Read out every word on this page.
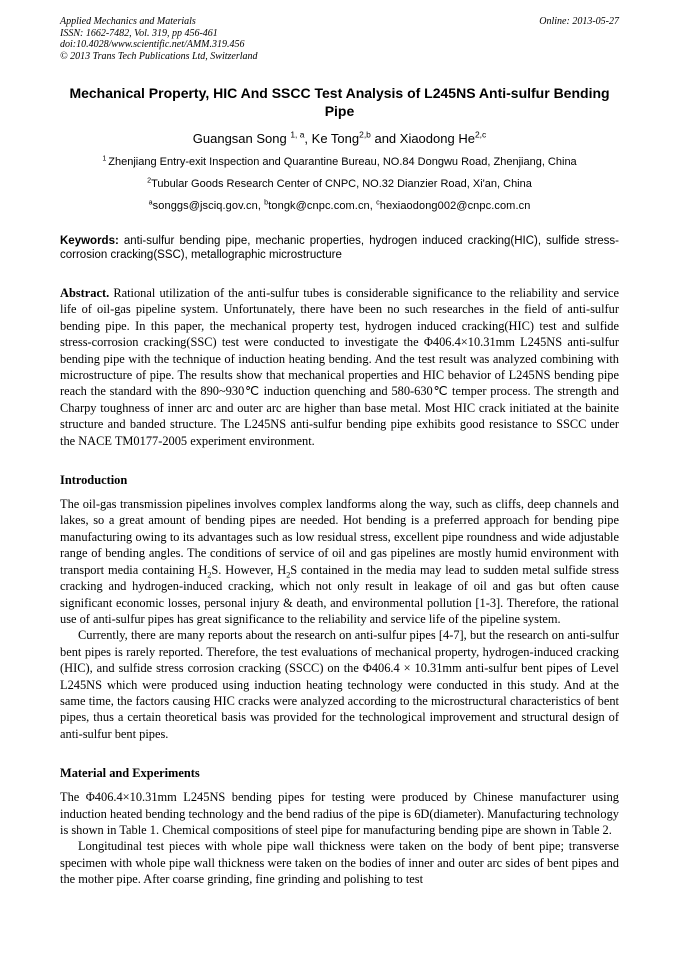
Applied Mechanics and Materials
ISSN: 1662-7482, Vol. 319, pp 456-461
doi:10.4028/www.scientific.net/AMM.319.456
© 2013 Trans Tech Publications Ltd, Switzerland
Online: 2013-05-27
Mechanical Property, HIC And SSCC Test Analysis of L245NS Anti-sulfur Bending Pipe

Guangsan Song $^{1, a}$, Ke Tong$^{2,b}$ and Xiaodong He$^{2,c}$

$^1$ Zhenjiang Entry-exit Inspection and Quarantine Bureau, NO.84 Dongwu Road, Zhenjiang, China

$^2$Tubular Goods Research Center of CNPC, NO.32 Dianzier Road, Xi'an, China

$^a$songgs@jsciq.gov.cn, $^b$tongk@cnpc.com.cn, $^c$hexiaodong002@cnpc.com.cn

Keywords: anti-sulfur bending pipe, mechanic properties, hydrogen induced cracking(HIC), sulfide stress-corrosion cracking(SSC), metallographic microstructure

Abstract. Rational utilization of the anti-sulfur tubes is considerable significance to the reliability and service life of oil-gas pipeline system. Unfortunately, there have been no such researches in the field of anti-sulfur bending pipe. In this paper, the mechanical property test, hydrogen induced cracking(HIC) test and sulfide stress-corrosion cracking(SSC) test were conducted to investigate the Φ406.4×10.31mm L245NS anti-sulfur bending pipe with the technique of induction heating bending. And the test result was analyzed combining with microstructure of pipe. The results show that mechanical properties and HIC behavior of L245NS bending pipe reach the standard with the 890~930℃ induction quenching and 580-630℃ temper process. The strength and Charpy toughness of inner arc and outer arc are higher than base metal. Most HIC crack initiated at the bainite structure and banded structure. The L245NS anti-sulfur bending pipe exhibits good resistance to SSCC under the NACE TM0177-2005 experiment environment.

Introduction

The oil-gas transmission pipelines involves complex landforms along the way, such as cliffs, deep channels and lakes, so a great amount of bending pipes are needed. Hot bending is a preferred approach for bending pipe manufacturing owing to its advantages such as low residual stress, excellent pipe roundness and wide adjustable range of bending angles. The conditions of service of oil and gas pipelines are mostly humid environment with transport media containing $H_2S$. However, $H_2S$ contained in the media may lead to sudden metal sulfide stress cracking and hydrogen-induced cracking, which not only result in leakage of oil and gas but often cause significant economic losses, personal injury & death, and environmental pollution [1-3]. Therefore, the rational use of anti-sulfur pipes has great significance to the reliability and service life of the pipeline system.

Currently, there are many reports about the research on anti-sulfur pipes [4-7], but the research on anti-sulfur bent pipes is rarely reported. Therefore, the test evaluations of mechanical property, hydrogen-induced cracking (HIC), and sulfide stress corrosion cracking (SSCC) on the Φ406.4 × 10.31mm anti-sulfur bent pipes of Level L245NS which were produced using induction heating technology were conducted in this study. And at the same time, the factors causing HIC cracks were analyzed according to the microstructural characteristics of bent pipes, thus a certain theoretical basis was provided for the technological improvement and structural design of anti-sulfur bent pipes.

Material and Experiments

The Φ406.4×10.31mm L245NS bending pipes for testing were produced by Chinese manufacturer using induction heated bending technology and the bend radius of the pipe is 6D(diameter). Manufacturing technology is shown in Table 1. Chemical compositions of steel pipe for manufacturing bending pipe are shown in Table 2.

Longitudinal test pieces with whole pipe wall thickness were taken on the body of bent pipe; transverse specimen with whole pipe wall thickness were taken on the bodies of inner and outer arc sides of bent pipes and the mother pipe. After coarse grinding, fine grinding and polishing to test
